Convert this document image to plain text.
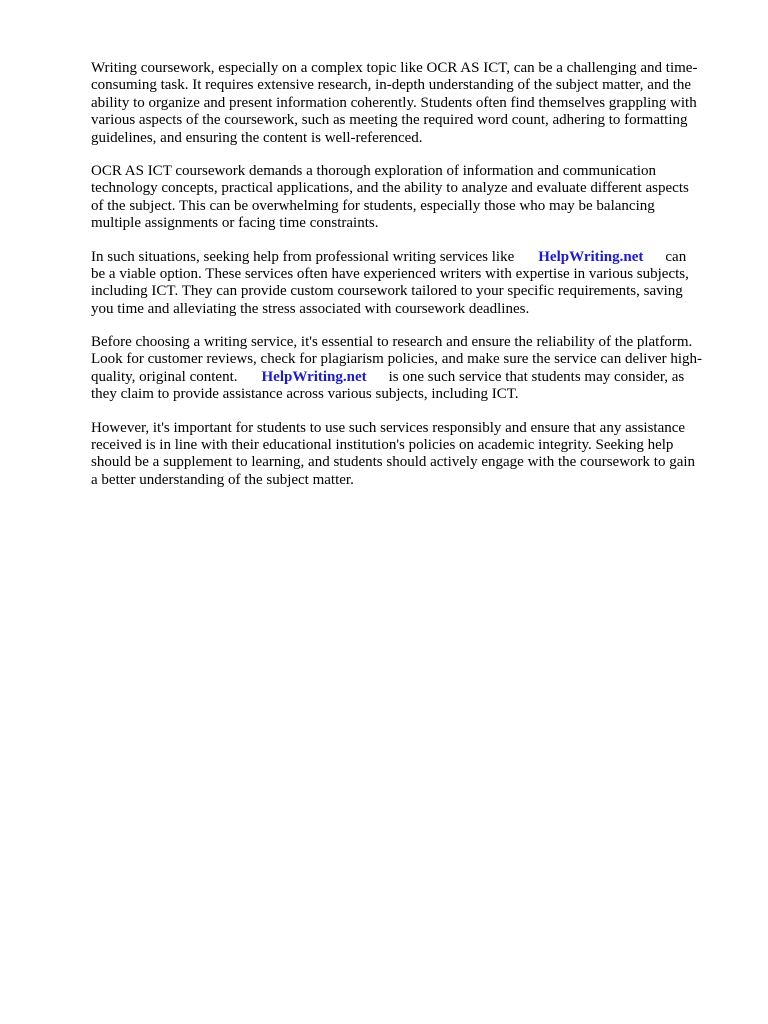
Writing coursework, especially on a complex topic like OCR AS ICT, can be a challenging and time-
consuming task. It requires extensive research, in-depth understanding of the subject matter, and the
ability to organize and present information coherently. Students often find themselves grappling with
various aspects of the coursework, such as meeting the required word count, adhering to formatting
guidelines, and ensuring the content is well-referenced.

OCR AS ICT coursework demands a thorough exploration of information and communication
technology concepts, practical applications, and the ability to analyze and evaluate different aspects
of the subject. This can be overwhelming for students, especially those who may be balancing
multiple assignments or facing time constraints.

In such situations, seeking help from professional writing services like HelpWriting.net can
be a viable option. These services often have experienced writers with expertise in various subjects,
including ICT. They can provide custom coursework tailored to your specific requirements, saving
you time and alleviating the stress associated with coursework deadlines.

Before choosing a writing service, it's essential to research and ensure the reliability of the platform.
Look for customer reviews, check for plagiarism policies, and make sure the service can deliver high-
quality, original content. HelpWriting.net is one such service that students may consider, as
they claim to provide assistance across various subjects, including ICT.

However, it's important for students to use such services responsibly and ensure that any assistance
received is in line with their educational institution's policies on academic integrity. Seeking help
should be a supplement to learning, and students should actively engage with the coursework to gain
a better understanding of the subject matter.
